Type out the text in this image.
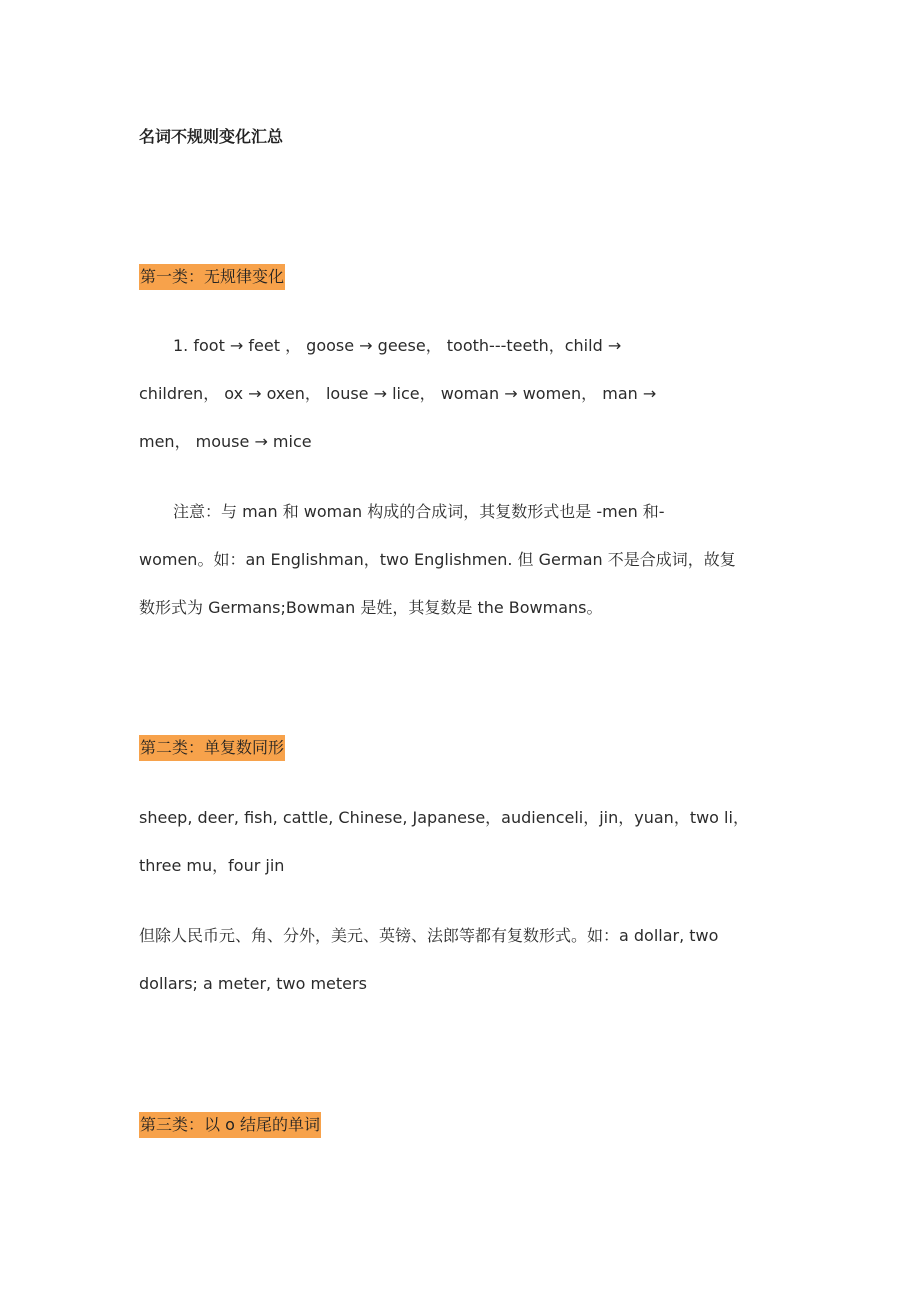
名词不规则变化汇总
第一类：无规律变化
1. foot → feet ， goose → geese， tooth---teeth，child →
children， ox → oxen， louse → lice， woman → women， man →
men， mouse → mice
注意：与 man 和 woman 构成的合成词，其复数形式也是 -men 和-
women。如：an Englishman，two Englishmen. 但 German 不是合成词，故复
数形式为 Germans;Bowman 是姓，其复数是 the Bowmans。
第二类：单复数同形
sheep, deer, fish, cattle, Chinese, Japanese，audienceli，jin，yuan，two li，
three mu，four jin
但除人民币元、角、分外，美元、英镑、法郎等都有复数形式。如：a dollar, two
dollars; a meter, two meters
第三类：以 o 结尾的单词
